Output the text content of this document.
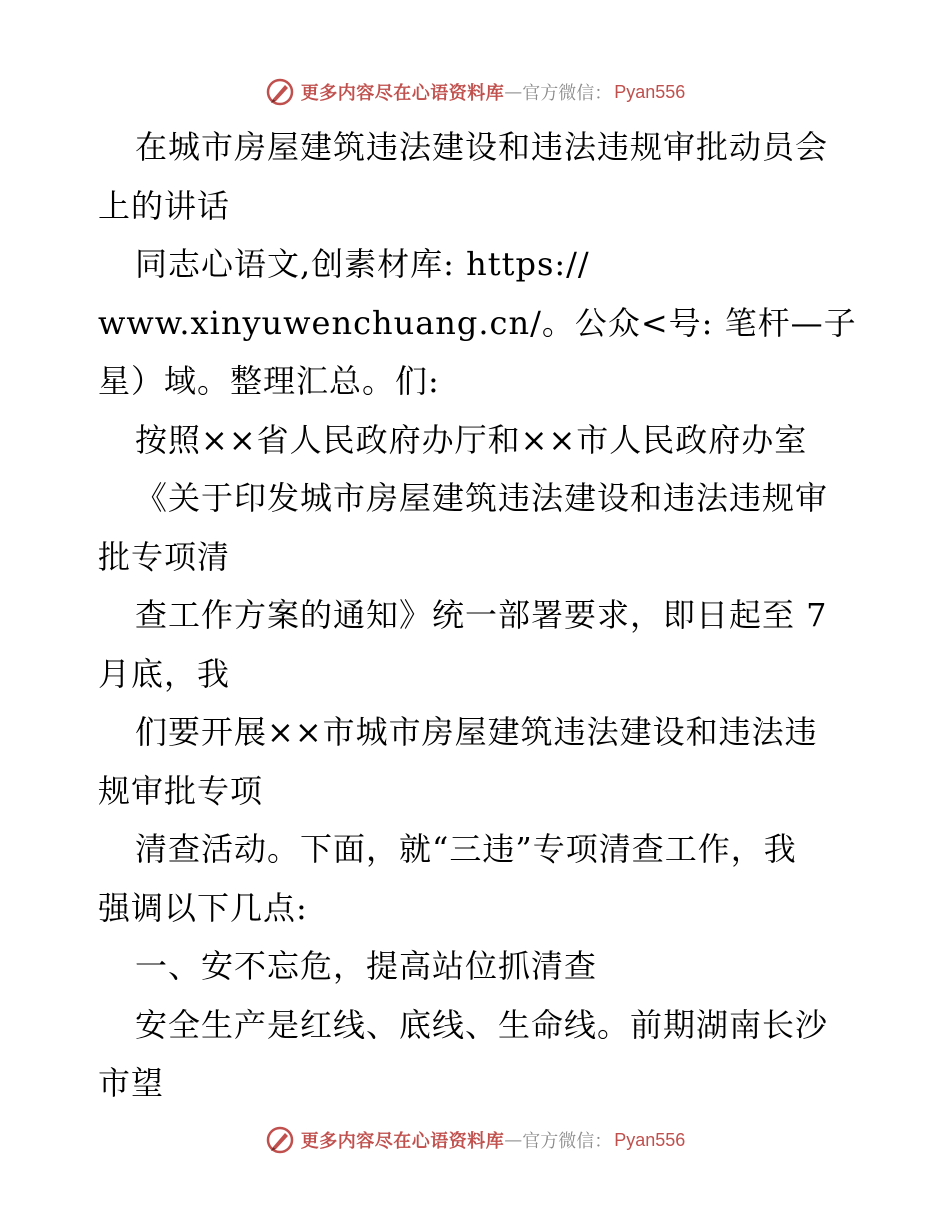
更多内容尽在心语资料库 — 官方微信： Pyan556
在城市房屋建筑违法建设和违法违规审批动员会
上的讲话
同志心语文,创素材库: https://
www.xinyuwenchuang.cn/。公众<号: 笔杆—子
星）域。整理汇总。们:
按照××省人民政府办厅和××市人民政府办室
《关于印发城市房屋建筑违法建设和违法违规审
批专项清
查工作方案的通知》统一部署要求，即日起至 7
月底，我
们要开展××市城市房屋建筑违法建设和违法违
规审批专项
清查活动。下面，就“三违”专项清查工作，我
强调以下几点:
一、安不忘危，提高站位抓清查
安全生产是红线、底线、生命线。前期湖南长沙
市望
更多内容尽在心语资料库 — 官方微信： Pyan556
